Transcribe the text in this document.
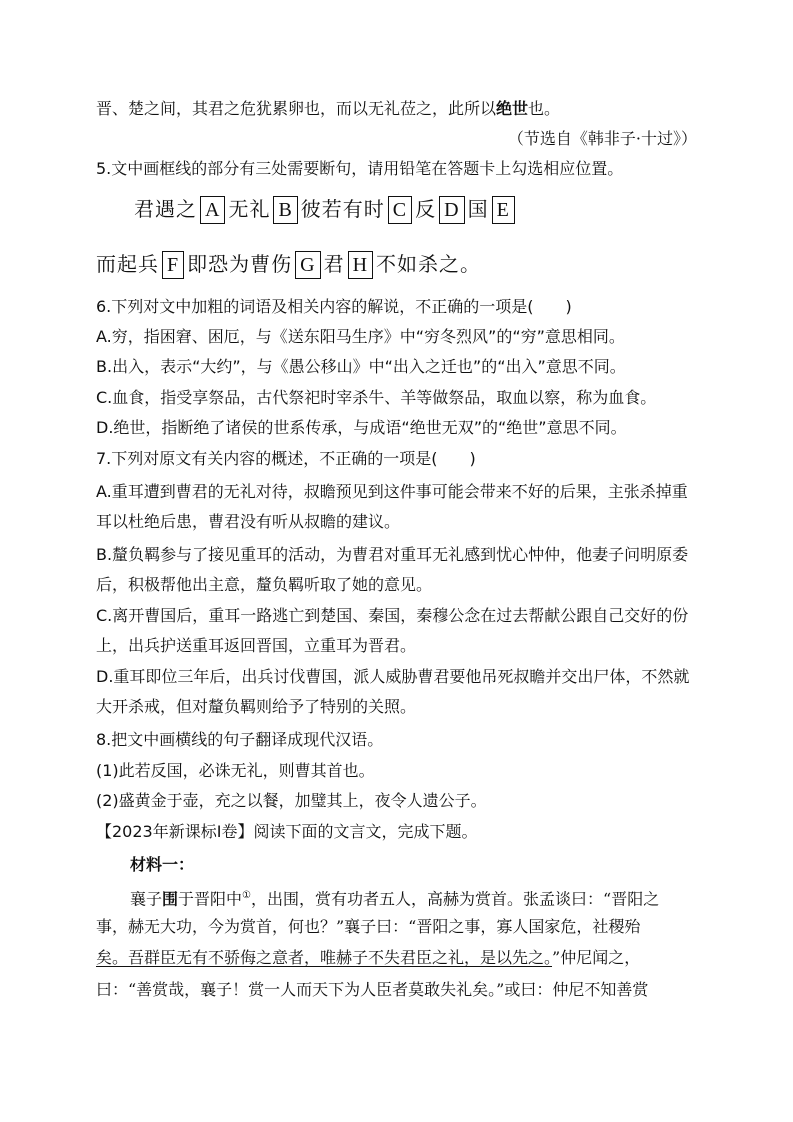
晋、楚之间，其君之危犹累卵也，而以无礼莅之，此所以绝世也。
（节选自《韩非子·十过》）
5.文中画框线的部分有三处需要断句，请用铅笔在答题卡上勾选相应位置。
君遇之 A 无礼 B 彼若有时 C 反 D 国 E
而起兵 F 即恐为曹伤 G 君 H 不如杀之。
6.下列对文中加粗的词语及相关内容的解说，不正确的一项是(　　)
A.穷，指困窘、困厄，与《送东阳马生序》中“穷冬烈风”的“穷”意思相同。
B.出入，表示“大约”，与《愚公移山》中“出入之迁也”的“出入”意思不同。
C.血食，指受享祭品，古代祭祀时宰杀牛、羊等做祭品，取血以察，称为血食。
D.绝世，指断绝了诸侯的世系传承，与成语“绝世无双”的“绝世”意思不同。
7.下列对原文有关内容的概述，不正确的一项是(　　)
A.重耳遭到曹君的无礼对待，叔瞻预见到这件事可能会带来不好的后果，主张杀掉重
耳以杜绝后患，曹君没有听从叔瞻的建议。
B.釐负羁参与了接见重耳的活动，为曹君对重耳无礼感到忧心忡仲，他妻子问明原委
后，积极帮他出主意，釐负羁听取了她的意见。
C.离开曹国后，重耳一路逃亡到楚国、秦国，秦穆公念在过去帮献公跟自己交好的份
上，出兵护送重耳返回晋国，立重耳为晋君。
D.重耳即位三年后，出兵讨伐曹国，派人威胁曹君要他吊死叔瞻并交出尸体，不然就
大开杀戒，但对釐负羁则给予了特别的关照。
8.把文中画横线的句子翻译成现代汉语。
(1)此若反国，必诛无礼，则曹其首也。
(2)盛黄金于壶，充之以餐，加璧其上，夜令人遗公子。
【2023年新课标Ⅰ卷】阅读下面的文言文，完成下题。
材料一：
襄子围于晋阳中①，出围，赏有功者五人，高赫为赏首。张孟谈曰：“晋阳之
事，赫无大功，今为赏首，何也？”襄子曰：“晋阳之事，寡人国家危，社稷殆
矣。吾群臣无有不骄侮之意者，唯赫子不失君臣之礼，是以先之。”仲尼闻之，
曰：“善赏哉，襄子！赏一人而天下为人臣者莫敢失礼矣。”或曰：仲尼不知善赏
